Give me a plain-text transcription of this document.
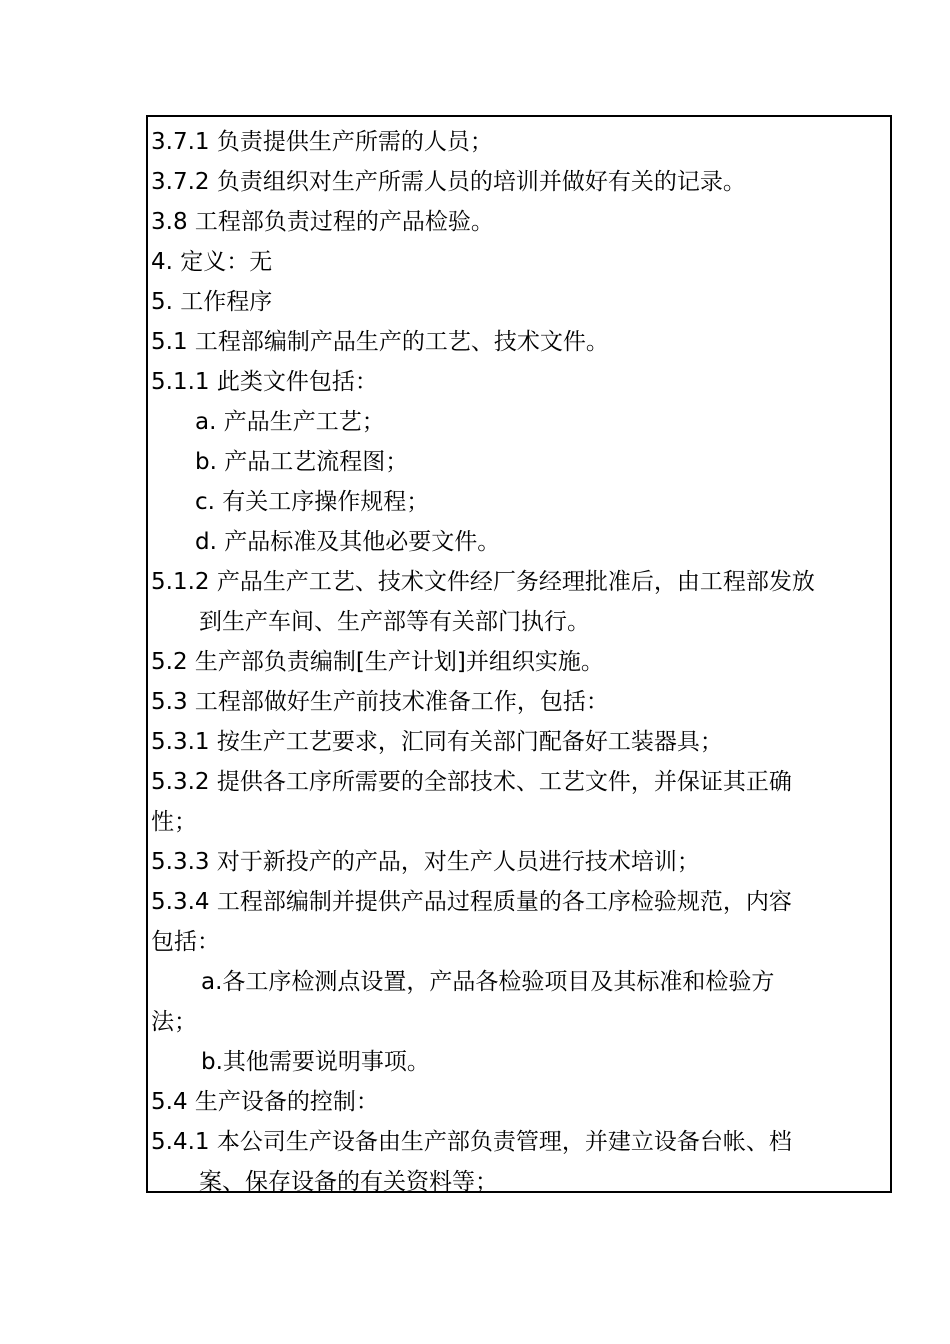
3.7.1 负责提供生产所需的人员；
3.7.2 负责组织对生产所需人员的培训并做好有关的记录。
3.8 工程部负责过程的产品检验。
4. 定义：无
5. 工作程序
5.1 工程部编制产品生产的工艺、技术文件。
5.1.1 此类文件包括：
a. 产品生产工艺；
b. 产品工艺流程图；
c. 有关工序操作规程；
d. 产品标准及其他必要文件。
5.1.2 产品生产工艺、技术文件经厂务经理批准后，由工程部发放
到生产车间、生产部等有关部门执行。
5.2 生产部负责编制[生产计划]并组织实施。
5.3 工程部做好生产前技术准备工作，包括：
5.3.1 按生产工艺要求，汇同有关部门配备好工装器具；
5.3.2 提供各工序所需要的全部技术、工艺文件，并保证其正确
性；
5.3.3 对于新投产的产品，对生产人员进行技术培训；
5.3.4 工程部编制并提供产品过程质量的各工序检验规范，内容
包括：
a.各工序检测点设置，产品各检验项目及其标准和检验方
法；
b.其他需要说明事项。
5.4 生产设备的控制：
5.4.1 本公司生产设备由生产部负责管理，并建立设备台帐、档
案、保存设备的有关资料等；
